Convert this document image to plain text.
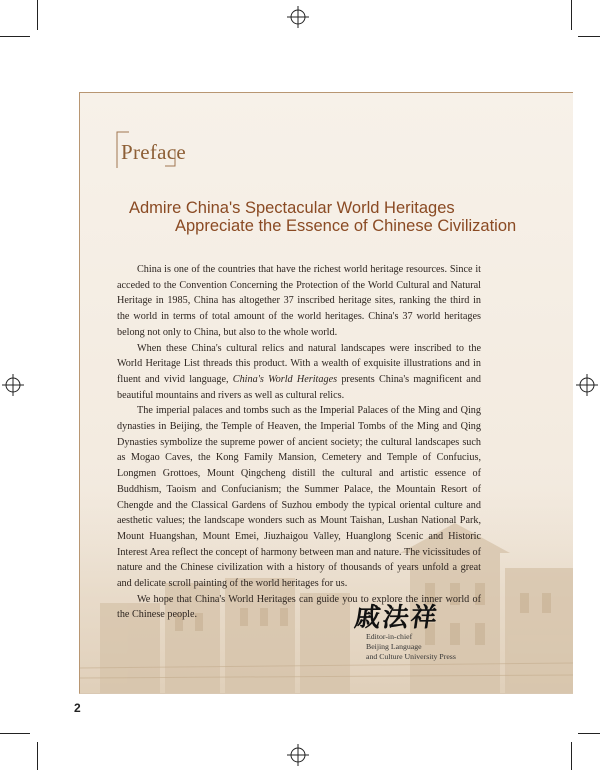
Preface
Admire China's Spectacular World Heritages
Appreciate the Essence of Chinese Civilization

China is one of the countries that have the richest world heritage resources. Since it acceded to the Convention Concerning the Protection of the World Cultural and Natural Heritage in 1985, China has altogether 37 inscribed heritage sites, ranking the third in the world in terms of total amount of the world heritages. China's 37 world heritages belong not only to China, but also to the whole world.

When these China's cultural relics and natural landscapes were inscribed to the World Heritage List threads this product. With a wealth of exquisite illustrations and in fluent and vivid language, China's World Heritages presents China's magnificent and beautiful mountains and rivers as well as cultural relics.

The imperial palaces and tombs such as the Imperial Palaces of the Ming and Qing dynasties in Beijing, the Temple of Heaven, the Imperial Tombs of the Ming and Qing Dynasties symbolize the supreme power of ancient society; the cultural landscapes such as Mogao Caves, the Kong Family Mansion, Cemetery and Temple of Confucius, Longmen Grottoes, Mount Qingcheng distill the cultural and artistic essence of Buddhism, Taoism and Confucianism; the Summer Palace, the Mountain Resort of Chengde and the Classical Gardens of Suzhou embody the typical oriental culture and aesthetic values; the landscape wonders such as Mount Taishan, Lushan National Park, Mount Huangshan, Mount Emei, Jiuzhaigou Valley, Huanglong Scenic and Historic Interest Area reflect the concept of harmony between man and nature. The vicissitudes of nature and the Chinese civilization with a history of thousands of years unfold a great and delicate scroll painting of the world heritages for us.

We hope that China's World Heritages can guide you to explore the inner world of the Chinese people.	戚法祥
Editor-in-chief
Beijing Language
and Culture University Press
2
